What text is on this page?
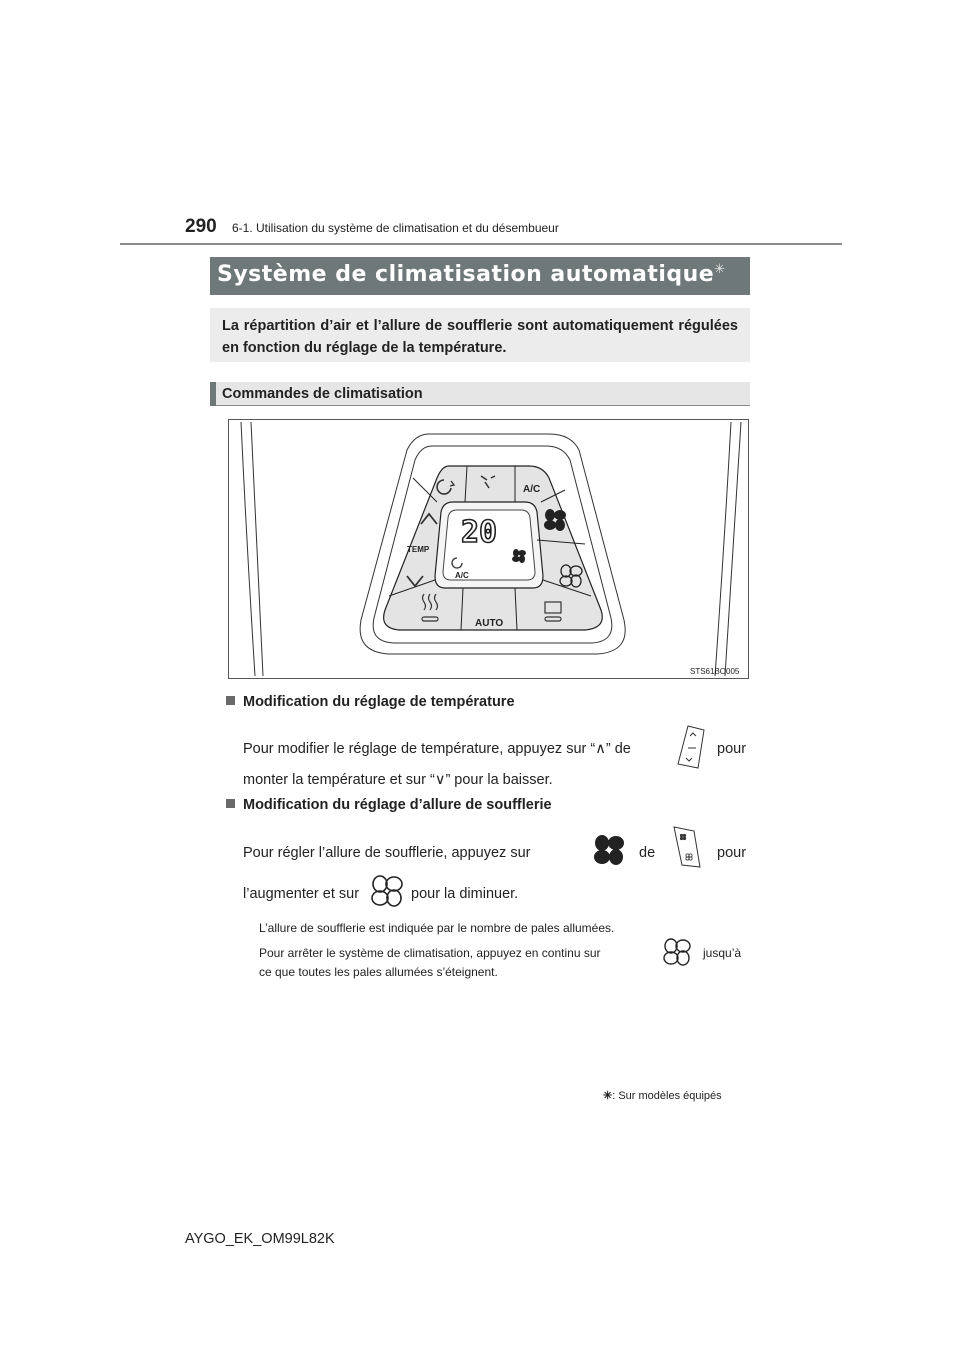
290 6-1. Utilisation du système de climatisation et du désembueur
Système de climatisation automatique✳
La répartition d’air et l’allure de soufflerie sont automatiquement régulées en fonction du réglage de la température.
Commandes de climatisation
A/C
TEMP
AUTO
A/C
20
STS61BO005
Modification du réglage de température
Pour modifier le réglage de température, appuyez sur “∧” de	pour
monter la température et sur “∨” pour la baisser.
Modification du réglage d’allure de soufflerie
Pour régler l’allure de soufflerie, appuyez sur	de	pour
l’augmenter et sur	pour la diminuer.
L’allure de soufflerie est indiquée par le nombre de pales allumées.
Pour arrêter le système de climatisation, appuyez en continu sur	jusqu’à
ce que toutes les pales allumées s’éteignent.
✳: Sur modèles équipés
AYGO_EK_OM99L82K
